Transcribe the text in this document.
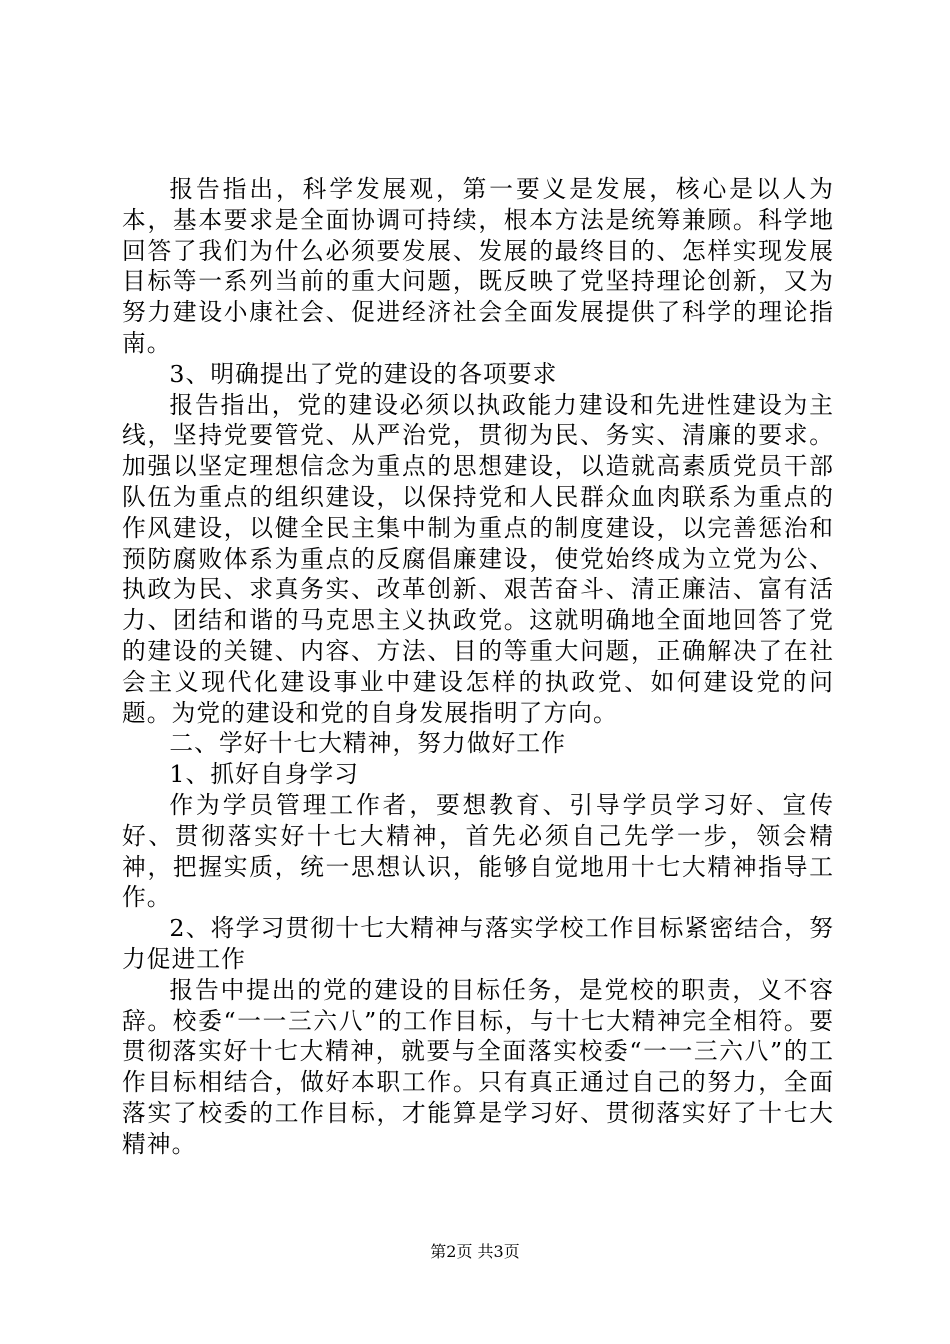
报告指出，科学发展观，第一要义是发展，核心是以人为本，基本要求是全面协调可持续，根本方法是统筹兼顾。科学地回答了我们为什么必须要发展、发展的最终目的、怎样实现发展目标等一系列当前的重大问题，既反映了党坚持理论创新，又为努力建设小康社会、促进经济社会全面发展提供了科学的理论指南。

3、明确提出了党的建设的各项要求

报告指出，党的建设必须以执政能力建设和先进性建设为主线，坚持党要管党、从严治党，贯彻为民、务实、清廉的要求。加强以坚定理想信念为重点的思想建设，以造就高素质党员干部队伍为重点的组织建设，以保持党和人民群众血肉联系为重点的作风建设，以健全民主集中制为重点的制度建设，以完善惩治和预防腐败体系为重点的反腐倡廉建设，使党始终成为立党为公、执政为民、求真务实、改革创新、艰苦奋斗、清正廉洁、富有活力、团结和谐的马克思主义执政党。这就明确地全面地回答了党的建设的关键、内容、方法、目的等重大问题，正确解决了在社会主义现代化建设事业中建设怎样的执政党、如何建设党的问题。为党的建设和党的自身发展指明了方向。

二、学好十七大精神，努力做好工作

1、抓好自身学习

作为学员管理工作者，要想教育、引导学员学习好、宣传好、贯彻落实好十七大精神，首先必须自己先学一步，领会精神，把握实质，统一思想认识，能够自觉地用十七大精神指导工作。

2、将学习贯彻十七大精神与落实学校工作目标紧密结合，努力促进工作

报告中提出的党的建设的目标任务，是党校的职责，义不容辞。校委“一一三六八”的工作目标，与十七大精神完全相符。要贯彻落实好十七大精神，就要与全面落实校委“一一三六八”的工作目标相结合，做好本职工作。只有真正通过自己的努力，全面落实了校委的工作目标，才能算是学习好、贯彻落实好了十七大精神。

第2页 共3页
